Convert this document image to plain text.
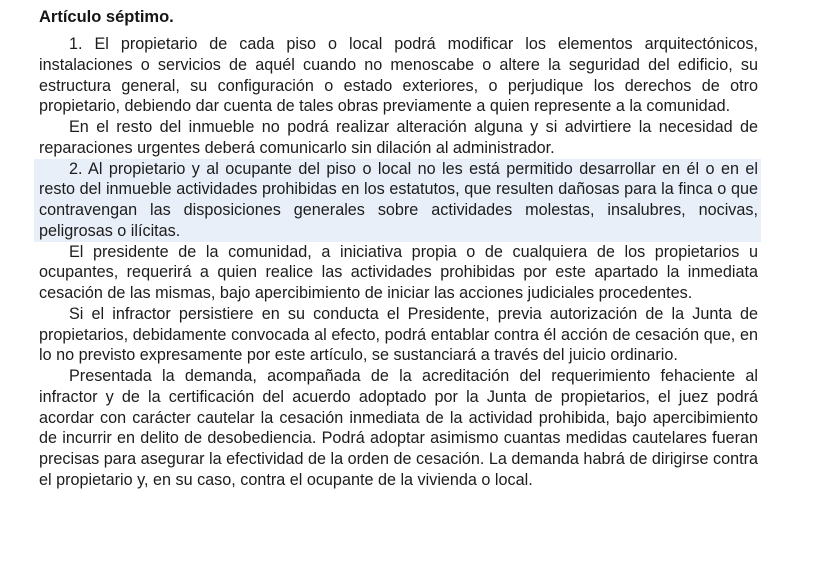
Artículo séptimo.

1. El propietario de cada piso o local podrá modificar los elementos arquitectónicos, instalaciones o servicios de aquél cuando no menoscabe o altere la seguridad del edificio, su estructura general, su configuración o estado exteriores, o perjudique los derechos de otro propietario, debiendo dar cuenta de tales obras previamente a quien represente a la comunidad.

En el resto del inmueble no podrá realizar alteración alguna y si advirtiere la necesidad de reparaciones urgentes deberá comunicarlo sin dilación al administrador.

2. Al propietario y al ocupante del piso o local no les está permitido desarrollar en él o en el resto del inmueble actividades prohibidas en los estatutos, que resulten dañosas para la finca o que contravengan las disposiciones generales sobre actividades molestas, insalubres, nocivas, peligrosas o ilícitas.

El presidente de la comunidad, a iniciativa propia o de cualquiera de los propietarios u ocupantes, requerirá a quien realice las actividades prohibidas por este apartado la inmediata cesación de las mismas, bajo apercibimiento de iniciar las acciones judiciales procedentes.

Si el infractor persistiere en su conducta el Presidente, previa autorización de la Junta de propietarios, debidamente convocada al efecto, podrá entablar contra él acción de cesación que, en lo no previsto expresamente por este artículo, se sustanciará a través del juicio ordinario.

Presentada la demanda, acompañada de la acreditación del requerimiento fehaciente al infractor y de la certificación del acuerdo adoptado por la Junta de propietarios, el juez podrá acordar con carácter cautelar la cesación inmediata de la actividad prohibida, bajo apercibimiento de incurrir en delito de desobediencia. Podrá adoptar asimismo cuantas medidas cautelares fueran precisas para asegurar la efectividad de la orden de cesación. La demanda habrá de dirigirse contra el propietario y, en su caso, contra el ocupante de la vivienda o local.
